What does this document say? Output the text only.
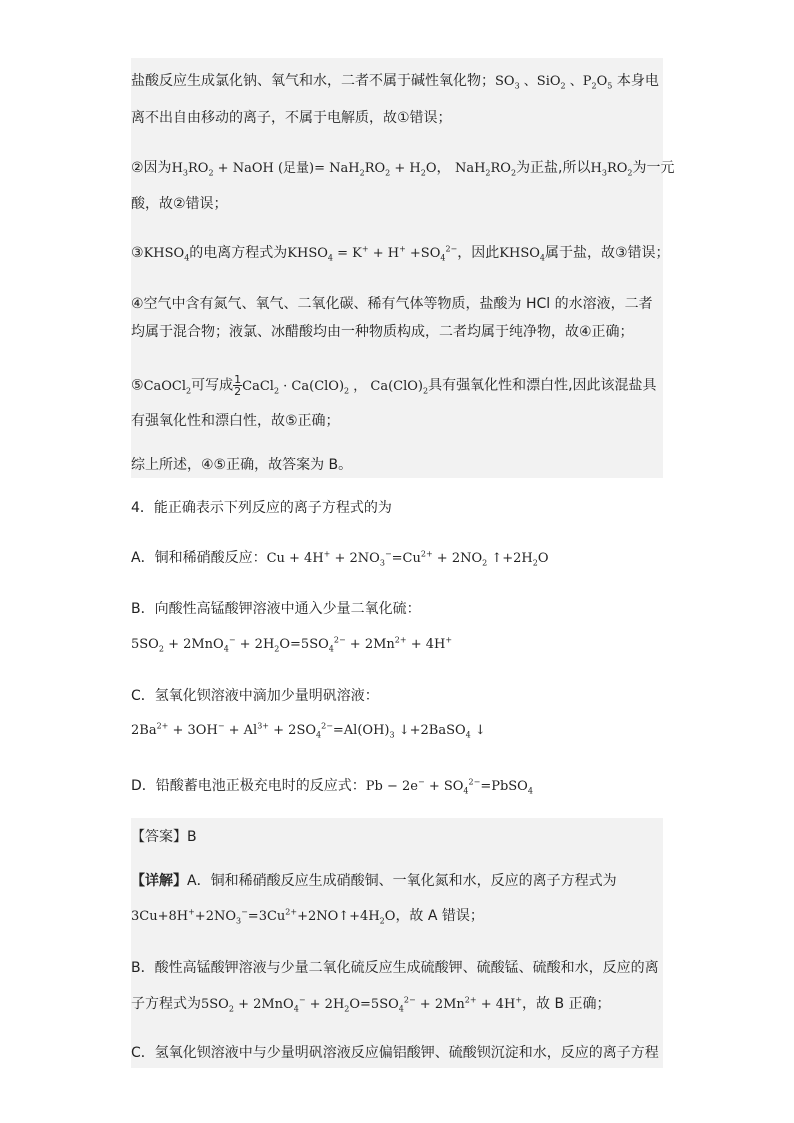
盐酸反应生成氯化钠、氧气和水，二者不属于碱性氧化物；$SO_3$ 、SiO$_2$ 、$P_2O_5$ 本身电
离不出自由移动的离子，不属于电解质，故①错误；
②因为$H_3RO_2$ + NaOH (足量)= $NaH_2RO_2 + H_2O$， $NaH_2RO_2$为正盐,所以$H_3RO_2$为一元
酸，故②错误；
$③KHSO_4$的电离方程式为$KHSO_4 = K^+ + H^+ +SO_4^{2-}$，因此$KHSO_4$属于盐，故③错误；
④空气中含有氮气、氧气、二氧化碳、稀有气体等物质，盐酸为 HCl 的水溶液，二者
均属于混合物；液氯、冰醋酸均由一种物质构成，二者均属于纯净物，故④正确；
⑤CaOCl$_2$可写成 $\frac{1}{2}$ CaCl$_2$ · $Ca(ClO)_2$ ， $Ca(ClO)_2$具有强氧化性和漂白性,因此该混盐具
有强氧化性和漂白性，故⑤正确；
综上所述，④⑤正确，故答案为 B。
4．能正确表示下列反应的离子方程式的为
A．铜和稀硝酸反应：$Cu + 4H^+ + 2NO_3^-=Cu^{2+} + 2NO_2$ $↑+2H_2O$
B．向酸性高锰酸钾溶液中通入少量二氧化硫：
$5SO_2 + 2MnO_4^- + 2H_2O=5SO_4^{2-} + 2Mn^{2+} + 4H^+$
C．氢氧化钡溶液中滴加少量明矾溶液：
$2Ba^{2+} + 3OH^- + Al^{3+} + 2SO_4^{2-}=Al(OH)_3$ ↓+2BaSO$_4$ ↓
D．铅酸蓄电池正极充电时的反应式：$Pb - 2e^- + SO_4^{2-}=PbSO_4$
【答案】B
【详解】A．铜和稀硝酸反应生成硝酸铜、一氧化氮和水，反应的离子方程式为
$3Cu+8H^++2NO_3^-=3Cu^{2+}+2NO↑+4H_2O$，故 A 错误；
B．酸性高锰酸钾溶液与少量二氧化硫反应生成硫酸钾、硫酸锰、硫酸和水，反应的离
子方程式为$5SO_2 + 2MnO_4^- + 2H_2O=5SO_4^{2-} + 2Mn^{2+} + 4H^+$，故 B 正确；
C．氢氧化钡溶液中与少量明矾溶液反应偏铝酸钾、硫酸钡沉淀和水，反应的离子方程
